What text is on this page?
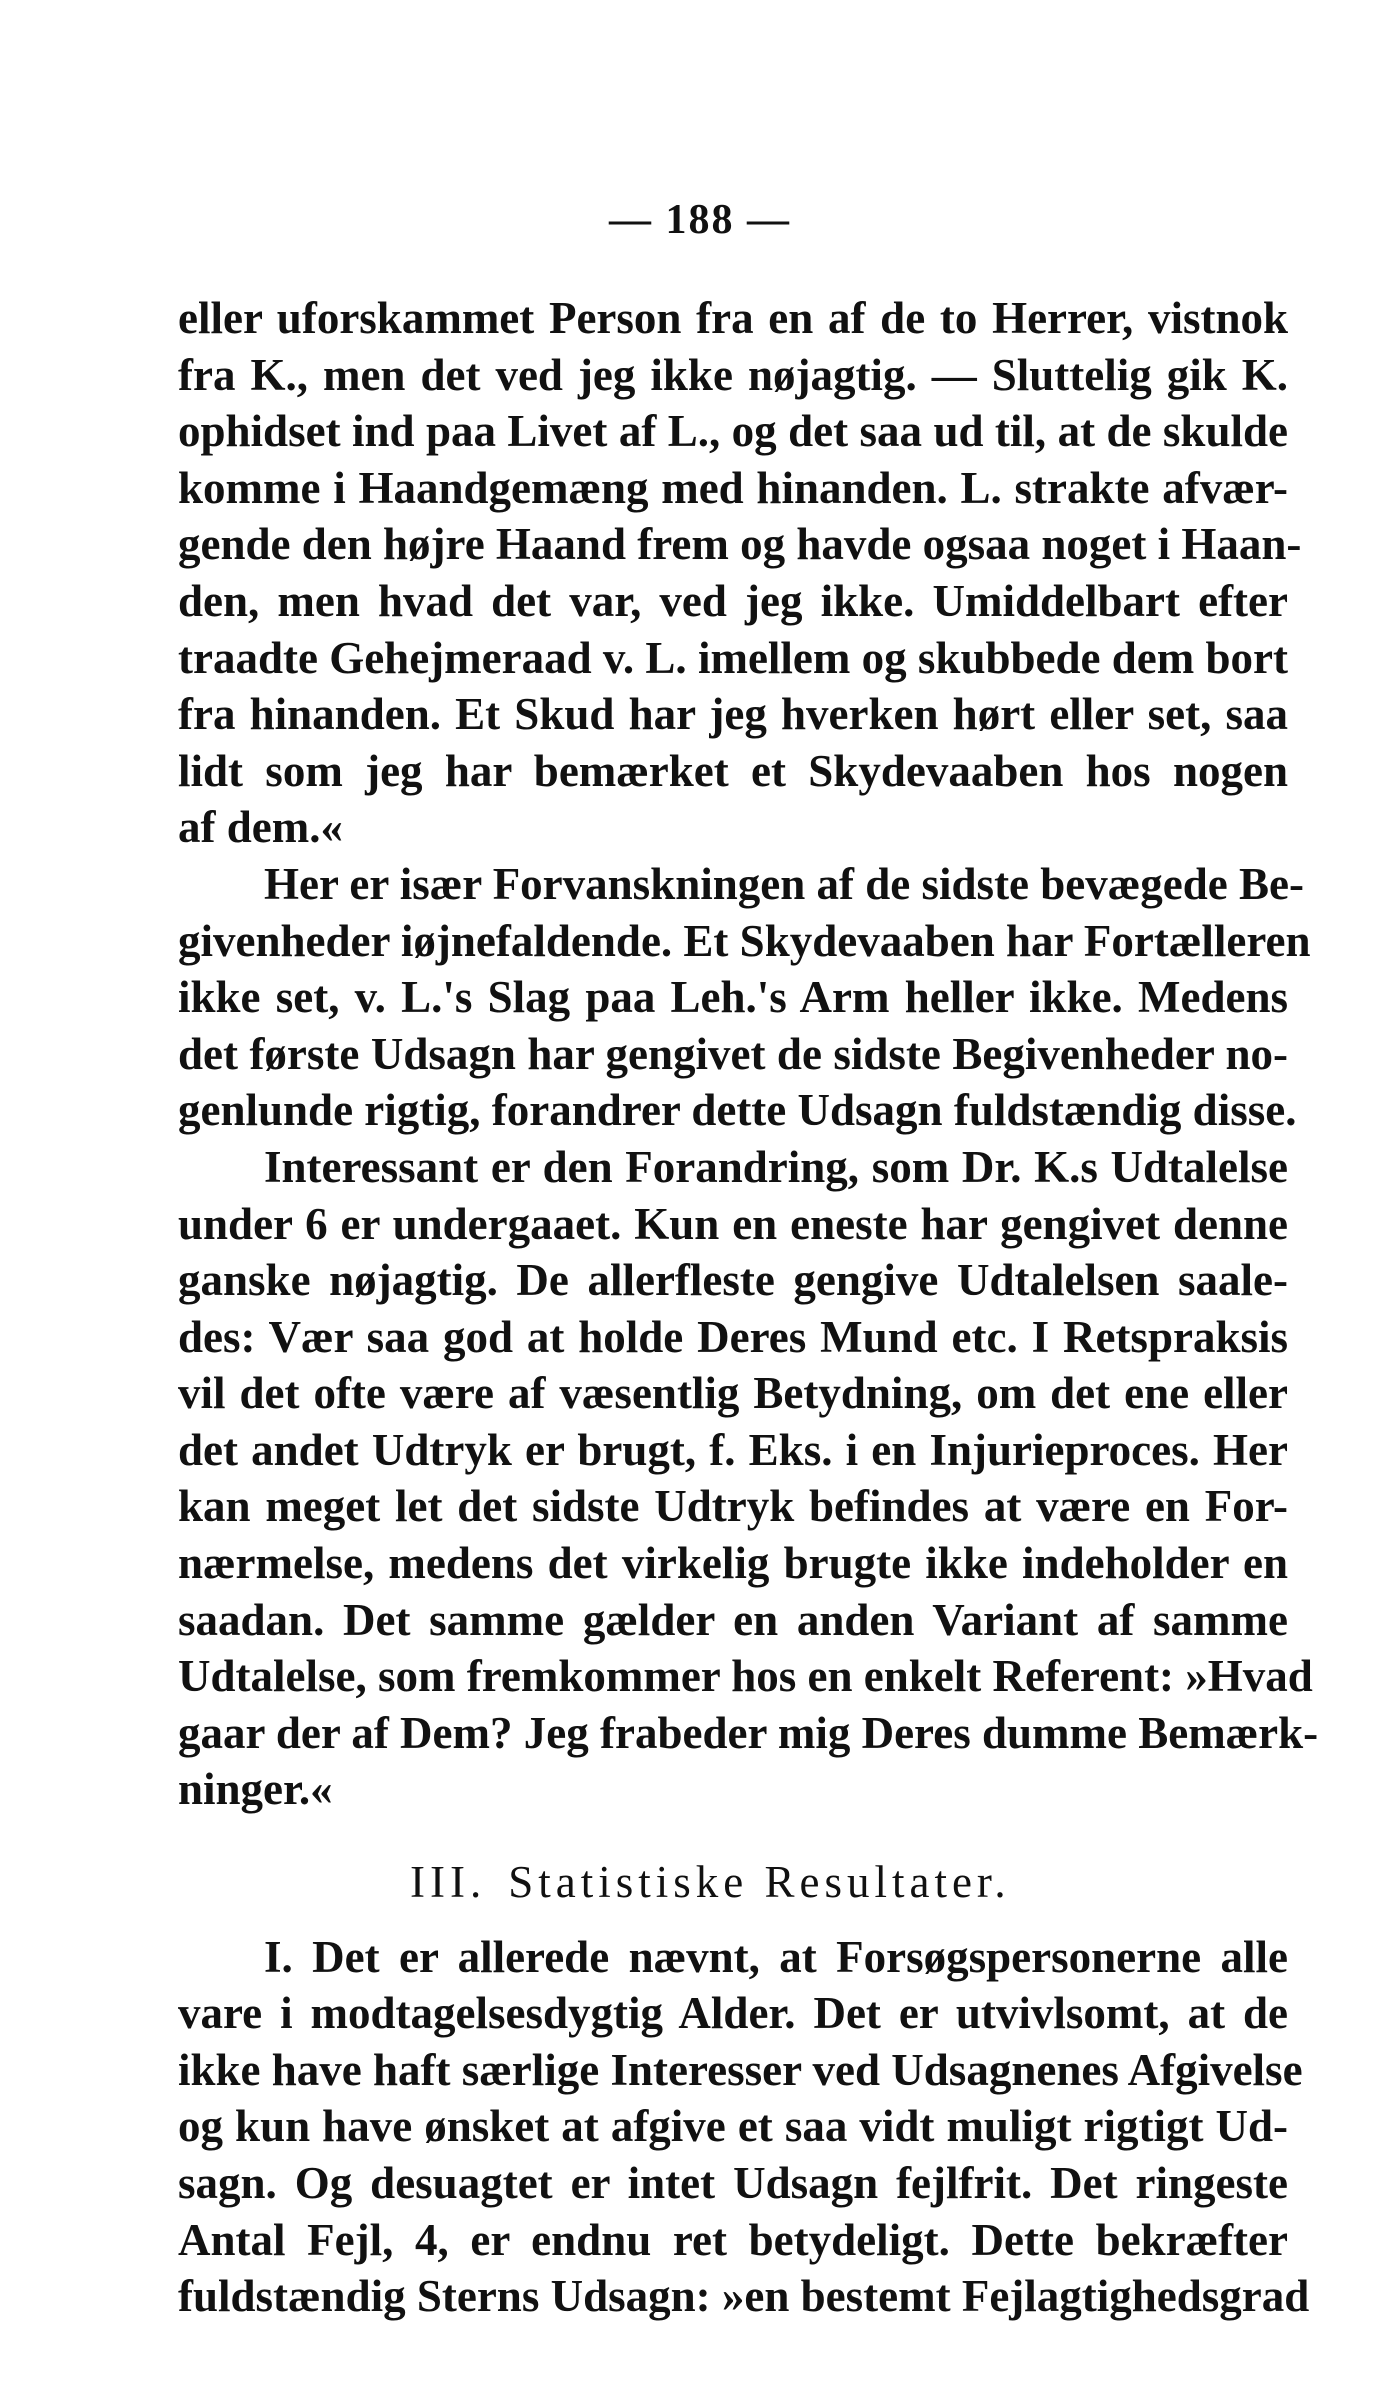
— 188 —
eller uforskammet Person fra en af de to Herrer, vistnok
fra K., men det ved jeg ikke nøjagtig. — Sluttelig gik K.
ophidset ind paa Livet af L., og det saa ud til, at de skulde
komme i Haandgemæng med hinanden. L. strakte afvær-
gende den højre Haand frem og havde ogsaa noget i Haan-
den, men hvad det var, ved jeg ikke. Umiddelbart efter
traadte Gehejmeraad v. L. imellem og skubbede dem bort
fra hinanden. Et Skud har jeg hverken hørt eller set, saa
lidt som jeg har bemærket et Skydevaaben hos nogen
af dem.«
Her er især Forvanskningen af de sidste bevægede Be-
givenheder iøjnefaldende. Et Skydevaaben har Fortælleren
ikke set, v. L.'s Slag paa Leh.'s Arm heller ikke. Medens
det første Udsagn har gengivet de sidste Begivenheder no-
genlunde rigtig, forandrer dette Udsagn fuldstændig disse.
Interessant er den Forandring, som Dr. K.s Udtalelse
under 6 er undergaaet. Kun en eneste har gengivet denne
ganske nøjagtig. De allerfleste gengive Udtalelsen saale-
des: Vær saa god at holde Deres Mund etc. I Retspraksis
vil det ofte være af væsentlig Betydning, om det ene eller
det andet Udtryk er brugt, f. Eks. i en Injurieproces. Her
kan meget let det sidste Udtryk befindes at være en For-
nærmelse, medens det virkelig brugte ikke indeholder en
saadan. Det samme gælder en anden Variant af samme
Udtalelse, som fremkommer hos en enkelt Referent: »Hvad
gaar der af Dem? Jeg frabeder mig Deres dumme Bemærk-
ninger.«
III. Statistiske Resultater.
I. Det er allerede nævnt, at Forsøgspersonerne alle
vare i modtagelsesdygtig Alder. Det er utvivlsomt, at de
ikke have haft særlige Interesser ved Udsagnenes Afgivelse
og kun have ønsket at afgive et saa vidt muligt rigtigt Ud-
sagn. Og desuagtet er intet Udsagn fejlfrit. Det ringeste
Antal Fejl, 4, er endnu ret betydeligt. Dette bekræfter
fuldstændig Sterns Udsagn: »en bestemt Fejlagtighedsgrad
